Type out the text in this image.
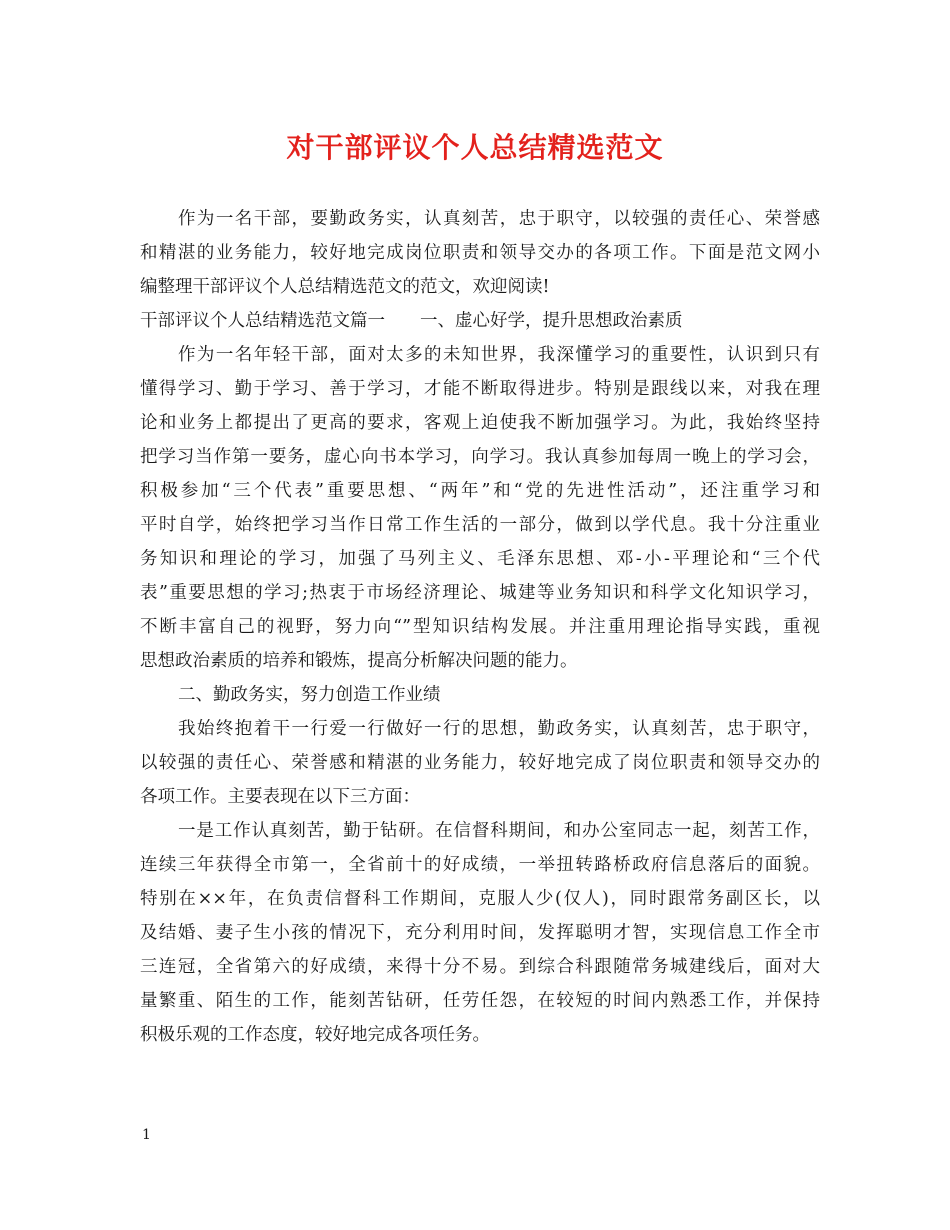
对干部评议个人总结精选范文
作为一名干部，要勤政务实，认真刻苦，忠于职守，以较强的责任心、荣誉感
和精湛的业务能力，较好地完成岗位职责和领导交办的各项工作。下面是范文网小
编整理干部评议个人总结精选范文的范文，欢迎阅读!
干部评议个人总结精选范文篇一　　一、虚心好学，提升思想政治素质
作为一名年轻干部，面对太多的未知世界，我深懂学习的重要性，认识到只有
懂得学习、勤于学习、善于学习，才能不断取得进步。特别是跟线以来，对我在理
论和业务上都提出了更高的要求，客观上迫使我不断加强学习。为此，我始终坚持
把学习当作第一要务，虚心向书本学习，向学习。我认真参加每周一晚上的学习会，
积极参加“三个代表”重要思想、“两年”和“党的先进性活动”，还注重学习和
平时自学，始终把学习当作日常工作生活的一部分，做到以学代息。我十分注重业
务知识和理论的学习，加强了马列主义、毛泽东思想、邓-小-平理论和“三个代
表”重要思想的学习;热衷于市场经济理论、城建等业务知识和科学文化知识学习，
不断丰富自己的视野，努力向“”型知识结构发展。并注重用理论指导实践，重视
思想政治素质的培养和锻炼，提高分析解决问题的能力。
二、勤政务实，努力创造工作业绩
我始终抱着干一行爱一行做好一行的思想，勤政务实，认真刻苦，忠于职守，
以较强的责任心、荣誉感和精湛的业务能力，较好地完成了岗位职责和领导交办的
各项工作。主要表现在以下三方面：
一是工作认真刻苦，勤于钻研。在信督科期间，和办公室同志一起，刻苦工作，
连续三年获得全市第一，全省前十的好成绩，一举扭转路桥政府信息落后的面貌。
特别在××年，在负责信督科工作期间，克服人少(仅人)，同时跟常务副区长，以
及结婚、妻子生小孩的情况下，充分利用时间，发挥聪明才智，实现信息工作全市
三连冠，全省第六的好成绩，来得十分不易。到综合科跟随常务城建线后，面对大
量繁重、陌生的工作，能刻苦钻研，任劳任怨，在较短的时间内熟悉工作，并保持
积极乐观的工作态度，较好地完成各项任务。
1
